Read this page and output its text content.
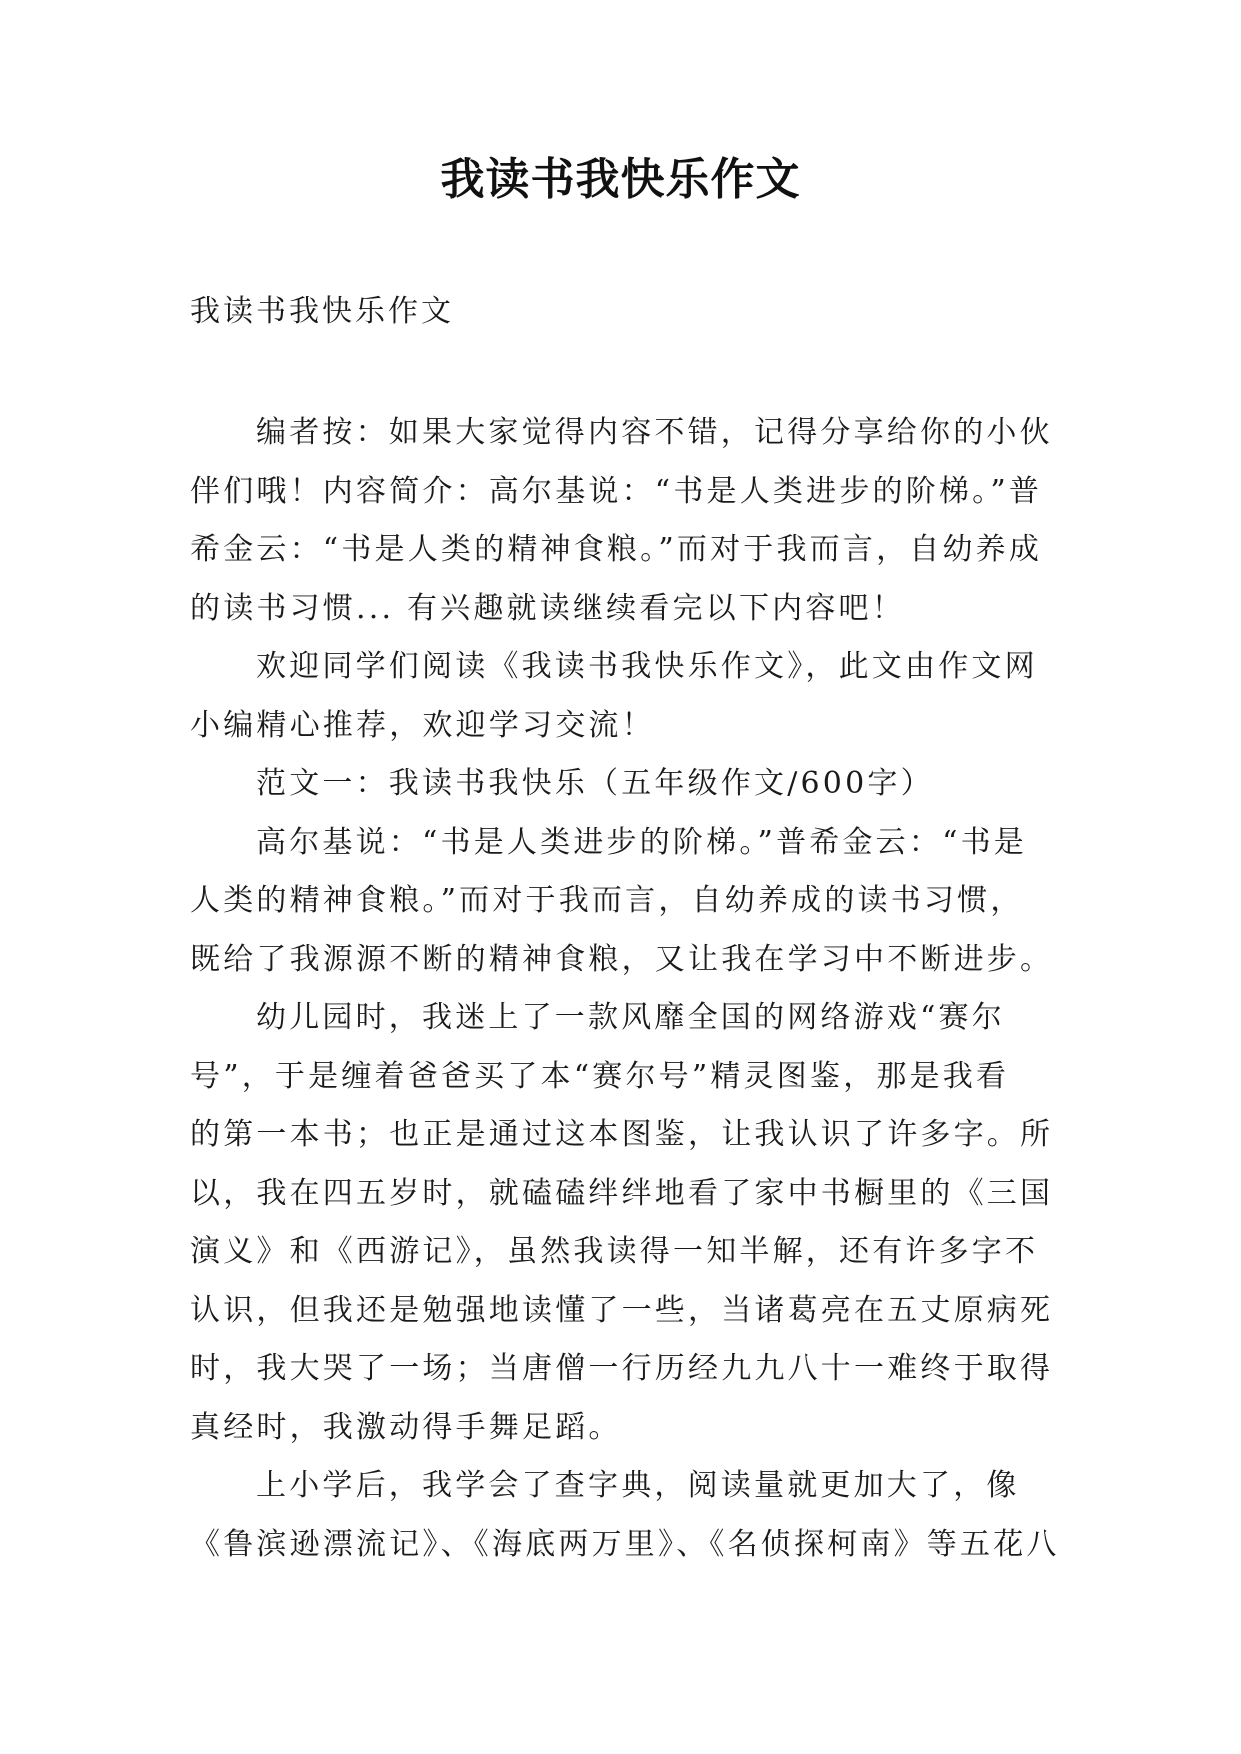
我读书我快乐作文
我读书我快乐作文
编者按：如果大家觉得内容不错，记得分享给你的小伙
伴们哦！内容简介：高尔基说：“书是人类进步的阶梯。”普
希金云：“书是人类的精神食粮。”而对于我而言，自幼养成
的读书习惯... 有兴趣就读继续看完以下内容吧！
欢迎同学们阅读《我读书我快乐作文》，此文由作文网
小编精心推荐，欢迎学习交流！
范文一：我读书我快乐（五年级作文/600字）
高尔基说：“书是人类进步的阶梯。”普希金云：“书是
人类的精神食粮。”而对于我而言，自幼养成的读书习惯，
既给了我源源不断的精神食粮，又让我在学习中不断进步。
幼儿园时，我迷上了一款风靡全国的网络游戏“赛尔
号”，于是缠着爸爸买了本“赛尔号”精灵图鉴，那是我看
的第一本书；也正是通过这本图鉴，让我认识了许多字。所
以，我在四五岁时，就磕磕绊绊地看了家中书橱里的《三国
演义》和《西游记》，虽然我读得一知半解，还有许多字不
认识，但我还是勉强地读懂了一些，当诸葛亮在五丈原病死
时，我大哭了一场；当唐僧一行历经九九八十一难终于取得
真经时，我激动得手舞足蹈。
上小学后，我学会了查字典，阅读量就更加大了，像
《鲁滨逊漂流记》、《海底两万里》、《名侦探柯南》等五花八
